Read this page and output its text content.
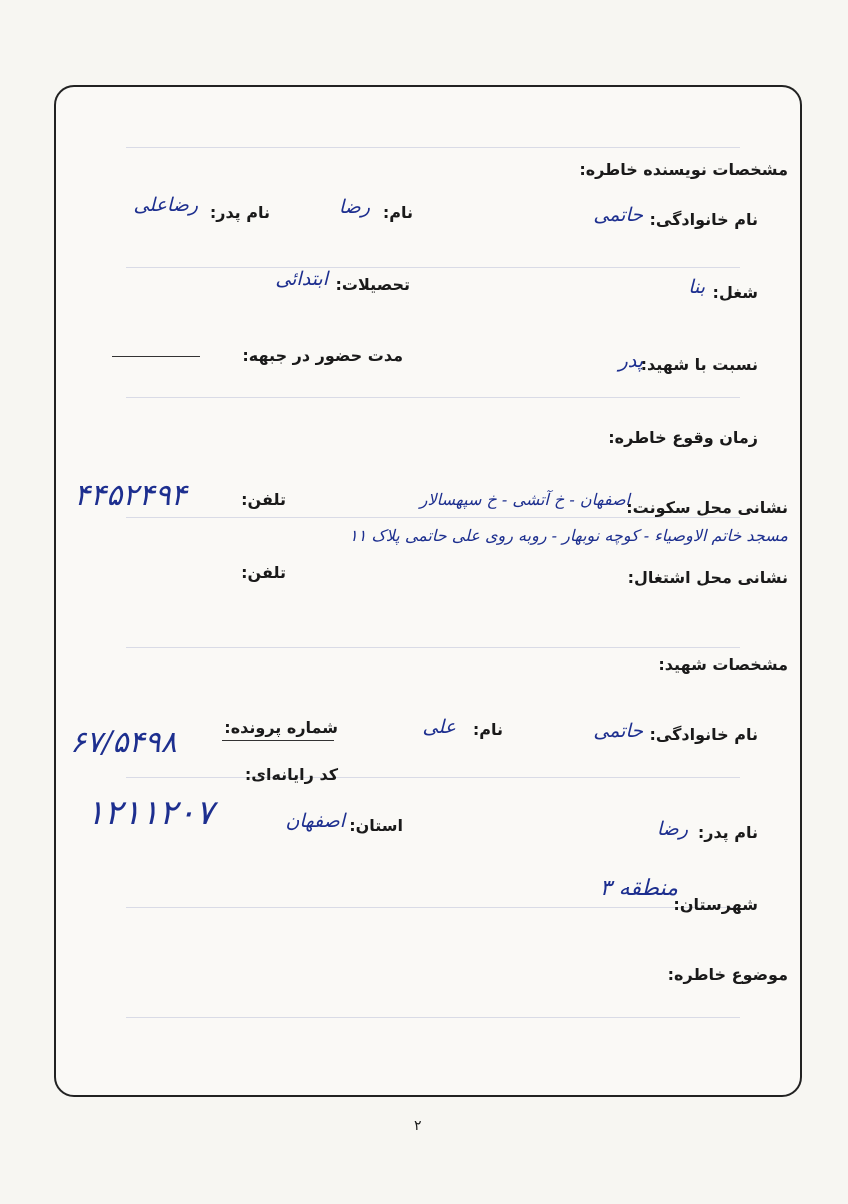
مشخصات نویسنده خاطره:
نام خانوادگی:
حاتمی
نام:
رضا
نام پدر:
رضاعلی
شغل:
بنا
تحصیلات:
ابتدائی
نسبت با شهید:
پدر
مدت حضور در جبهه:
زمان وقوع خاطره:
نشانی محل سکونت:
اصفهان - خ آتشی - خ سپهسالار
مسجد خاتم الاوصیاء - کوچه نوبهار - روبه روی علی حاتمی پلاک ۱۱
تلفن:
۴۴۵۲۴۹۴
نشانی محل اشتغال:
تلفن:
مشخصات شهید:
نام خانوادگی:
حاتمی
نام:
علی
شماره پرونده:
۶۷/۵۴۹۸
کد رایانه‌ای:
۱۲۱۱۲۰۷	نام پدر:
رضا
استان:
اصفهان
شهرستان:
منطقه ۳
موضوع خاطره:
۲
